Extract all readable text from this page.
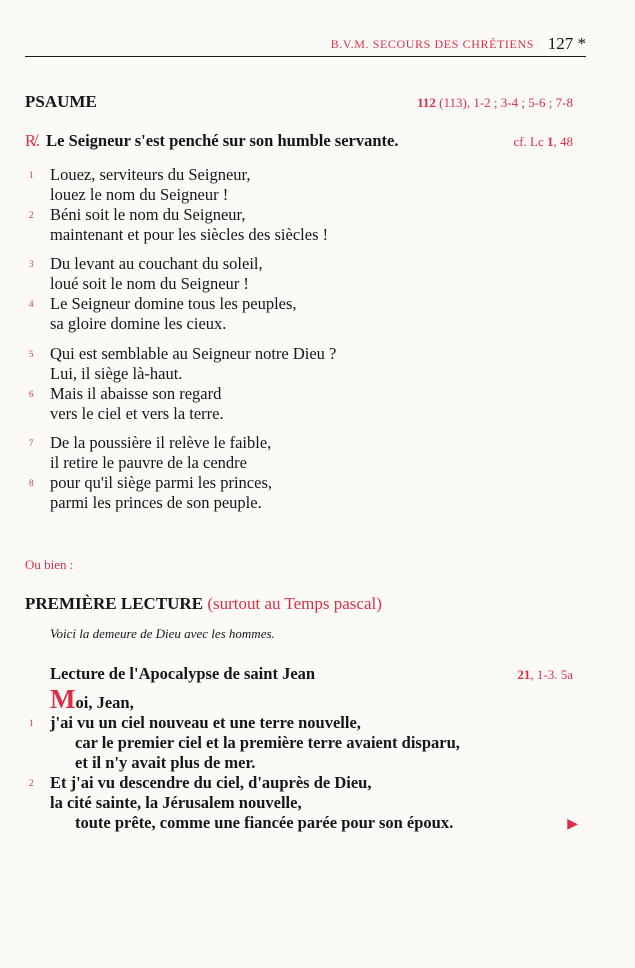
B.V.M. SECOURS DES CHRÉTIENS 127 *
PSAUME	112 (113), 1-2 ; 3-4 ; 5-6 ; 7-8
R̸. Le Seigneur s'est penché sur son humble servante.	cf. Lc 1, 48
1 Louez, serviteurs du Seigneur,
louez le nom du Seigneur !
2 Béni soit le nom du Seigneur,
maintenant et pour les siècles des siècles !
3 Du levant au couchant du soleil,
loué soit le nom du Seigneur !
4 Le Seigneur domine tous les peuples,
sa gloire domine les cieux.
5 Qui est semblable au Seigneur notre Dieu ?
Lui, il siège là-haut.
6 Mais il abaisse son regard
vers le ciel et vers la terre.
7 De la poussière il relève le faible,
il retire le pauvre de la cendre
8 pour qu'il siège parmi les princes,
parmi les princes de son peuple.
Ou bien :
PREMIÈRE LECTURE (surtout au Temps pascal)
Voici la demeure de Dieu avec les hommes.
Lecture de l'Apocalypse de saint Jean	21, 1-3. 5a
Moi, Jean,
1 j'ai vu un ciel nouveau et une terre nouvelle,
car le premier ciel et la première terre avaient disparu,
et il n'y avait plus de mer.
2 Et j'ai vu descendre du ciel, d'auprès de Dieu,
la cité sainte, la Jérusalem nouvelle,
toute prête, comme une fiancée parée pour son époux.	▶
